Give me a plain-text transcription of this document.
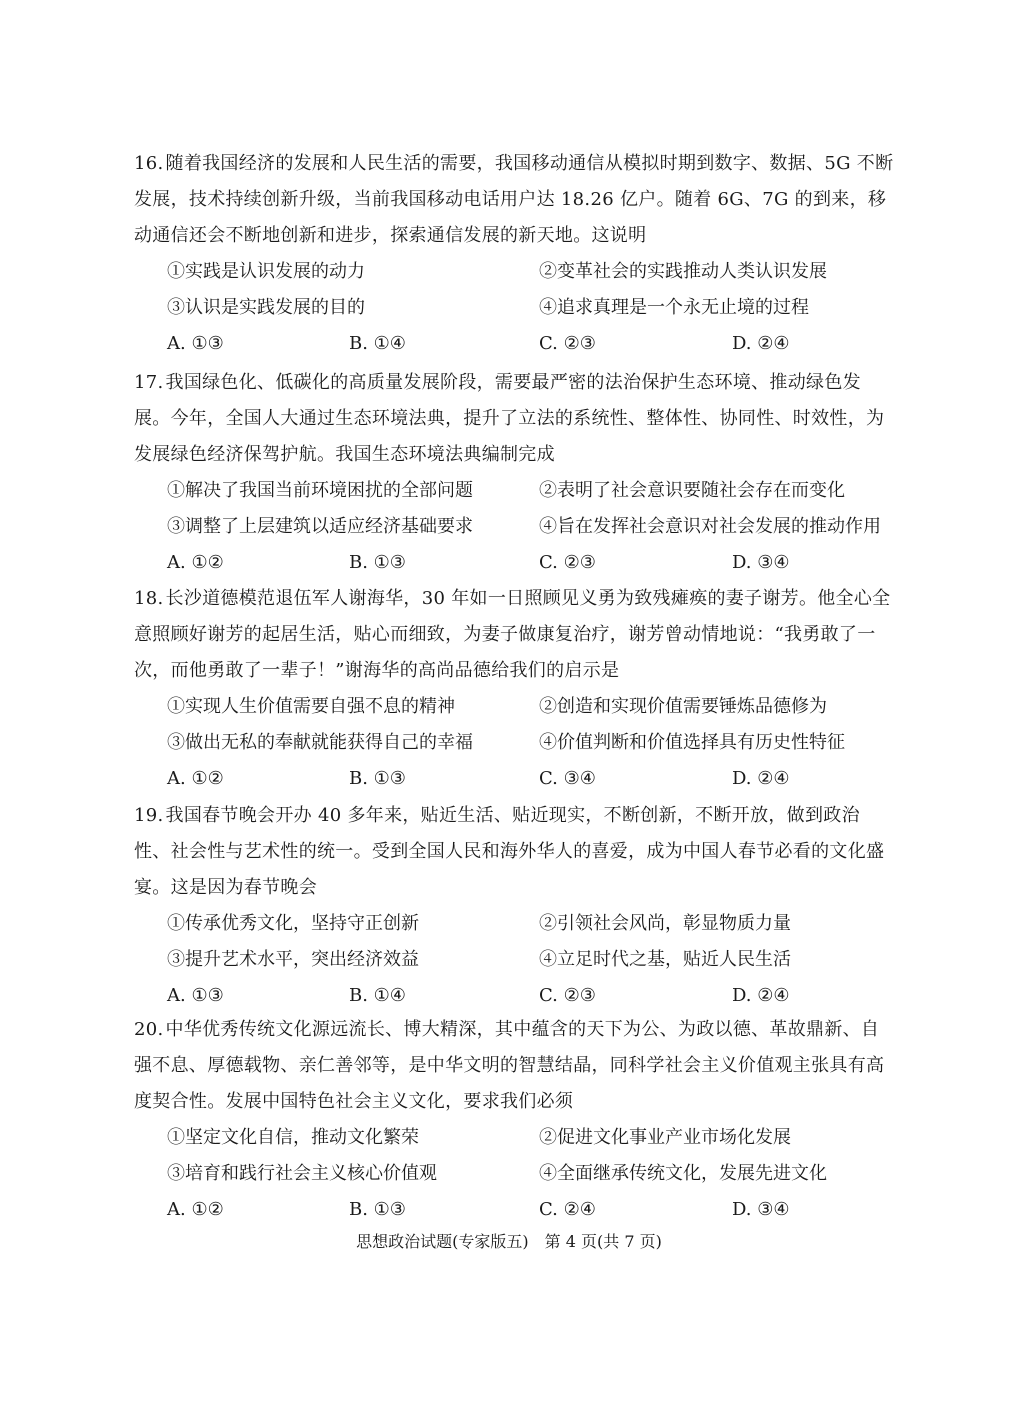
16. 随着我国经济的发展和人民生活的需要，我国移动通信从模拟时期到数字、数据、5G 不断发展，技术持续创新升级，当前我国移动电话用户达 18.26 亿户。随着 6G、7G 的到来，移动通信还会不断地创新和进步，探索通信发展的新天地。这说明

①实践是认识发展的动力	②变革社会的实践推动人类认识发展
③认识是实践发展的目的	④追求真理是一个永无止境的过程
A. ①③	B. ①④	C. ②③	D. ②④

17. 我国绿色化、低碳化的高质量发展阶段，需要最严密的法治保护生态环境、推动绿色发展。今年，全国人大通过生态环境法典，提升了立法的系统性、整体性、协同性、时效性，为发展绿色经济保驾护航。我国生态环境法典编制完成

①解决了我国当前环境困扰的全部问题	②表明了社会意识要随社会存在而变化
③调整了上层建筑以适应经济基础要求	④旨在发挥社会意识对社会发展的推动作用
A. ①②	B. ①③	C. ②③	D. ③④

18. 长沙道德模范退伍军人谢海华，30 年如一日照顾见义勇为致残瘫痪的妻子谢芳。他全心全意照顾好谢芳的起居生活，贴心而细致，为妻子做康复治疗，谢芳曾动情地说：“我勇敢了一次，而他勇敢了一辈子！”谢海华的高尚品德给我们的启示是

①实现人生价值需要自强不息的精神	②创造和实现价值需要锤炼品德修为
③做出无私的奉献就能获得自己的幸福	④价值判断和价值选择具有历史性特征
A. ①②	B. ①③	C. ③④	D. ②④

19. 我国春节晚会开办 40 多年来，贴近生活、贴近现实，不断创新，不断开放，做到政治性、社会性与艺术性的统一。受到全国人民和海外华人的喜爱，成为中国人春节必看的文化盛宴。这是因为春节晚会

①传承优秀文化，坚持守正创新	②引领社会风尚，彰显物质力量
③提升艺术水平，突出经济效益	④立足时代之基，贴近人民生活
A. ①③	B. ①④	C. ②③	D. ②④

20. 中华优秀传统文化源远流长、博大精深，其中蕴含的天下为公、为政以德、革故鼎新、自强不息、厚德载物、亲仁善邻等，是中华文明的智慧结晶，同科学社会主义价值观主张具有高度契合性。发展中国特色社会主义文化，要求我们必须

①坚定文化自信，推动文化繁荣	②促进文化事业产业市场化发展
③培育和践行社会主义核心价值观	④全面继承传统文化，发展先进文化
A. ①②	B. ①③	C. ②④	D. ③④
思想政治试题(专家版五)　第 4 页(共 7 页)
